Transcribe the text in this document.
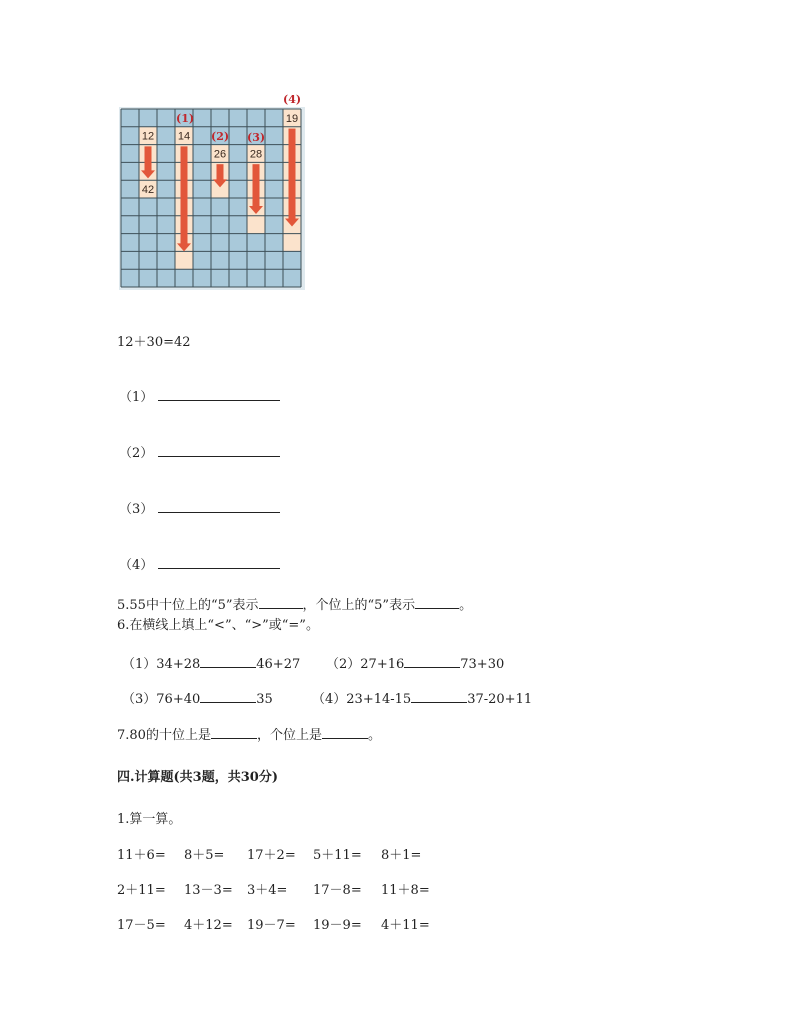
12 14
26 28
19
42
(1)
(2) (3)
(4)
12＋30=42
（1）
（2）
（3）
（4）
5.55中十位上的“5”表示	，个位上的“5”表示	。
6.在横线上填上“<”、“>”或“=”。
（1）34+28	46+27 （2）27+16	73+30
（3）76+40	35	（4）23+14-15	37-20+11
7.80的十位上是	，个位上是	。
四.计算题(共3题，共30分)
1.算一算。
11＋6= 8＋5= 17＋2= 5＋11= 8＋1=
2＋11= 13－3= 3＋4= 17－8= 11＋8=
17－5= 4＋12= 19－7= 19－9= 4＋11=
